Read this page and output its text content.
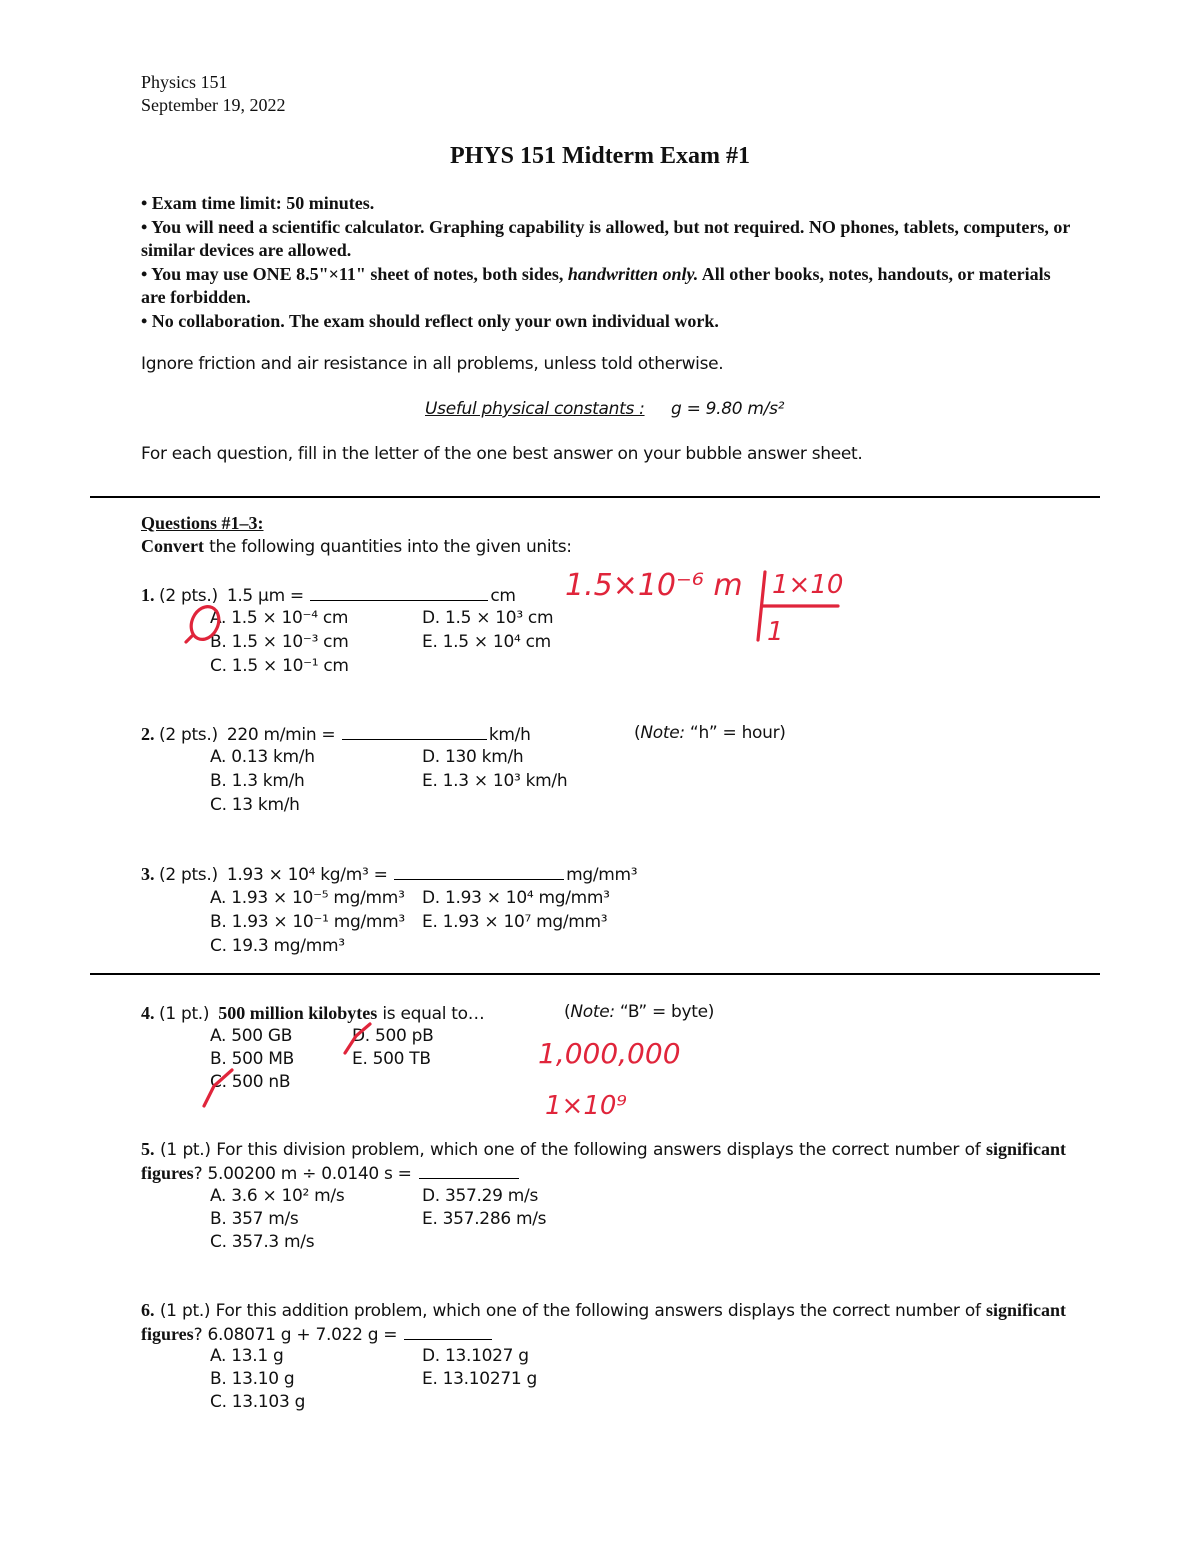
Physics 151
September 19, 2022
PHYS 151 Midterm Exam #1
• Exam time limit: 50 minutes.
• You will need a scientific calculator. Graphing capability is allowed, but not required. NO phones, tablets, computers, or similar devices are allowed.
• You may use ONE 8.5"×11" sheet of notes, both sides, handwritten only. All other books, notes, handouts, or materials are forbidden.
• No collaboration. The exam should reflect only your own individual work.
Ignore friction and air resistance in all problems, unless told otherwise.
Useful physical constants : g = 9.80 m/s²
For each question, fill in the letter of the one best answer on your bubble answer sheet.
Questions #1–3:
Convert the following quantities into the given units:
1. (2 pts.) 1.5 μm =	cm
A. 1.5 × 10⁻⁴ cm
B. 1.5 × 10⁻³ cm
C. 1.5 × 10⁻¹ cm
D. 1.5 × 10³ cm
E. 1.5 × 10⁴ cm
2. (2 pts.) 220 m/min =	km/h	(Note: “h” = hour)
A. 0.13 km/h
B. 1.3 km/h
C. 13 km/h
D. 130 km/h
E. 1.3 × 10³ km/h
3. (2 pts.) 1.93 × 10⁴ kg/m³ =	mg/mm³
A. 1.93 × 10⁻⁵ mg/mm³
B. 1.93 × 10⁻¹ mg/mm³
C. 19.3 mg/mm³
D. 1.93 × 10⁴ mg/mm³
E. 1.93 × 10⁷ mg/mm³
4. (1 pt.) 500 million kilobytes is equal to…	(Note: “B” = byte)
A. 500 GB
B. 500 MB
C. 500 nB
D. 500 pB
E. 500 TB
5. (1 pt.) For this division problem, which one of the following answers displays the correct number of significant figures? 5.00200 m ÷ 0.0140 s =
A. 3.6 × 10² m/s
B. 357 m/s
C. 357.3 m/s
D. 357.29 m/s
E. 357.286 m/s
6. (1 pt.) For this addition problem, which one of the following answers displays the correct number of significant figures? 6.08071 g + 7.022 g =
A. 13.1 g
B. 13.10 g
C. 13.103 g
D. 13.1027 g
E. 13.10271 g
1.5×10⁻⁶ m 1×10
1
1,000,000
1×10⁹
